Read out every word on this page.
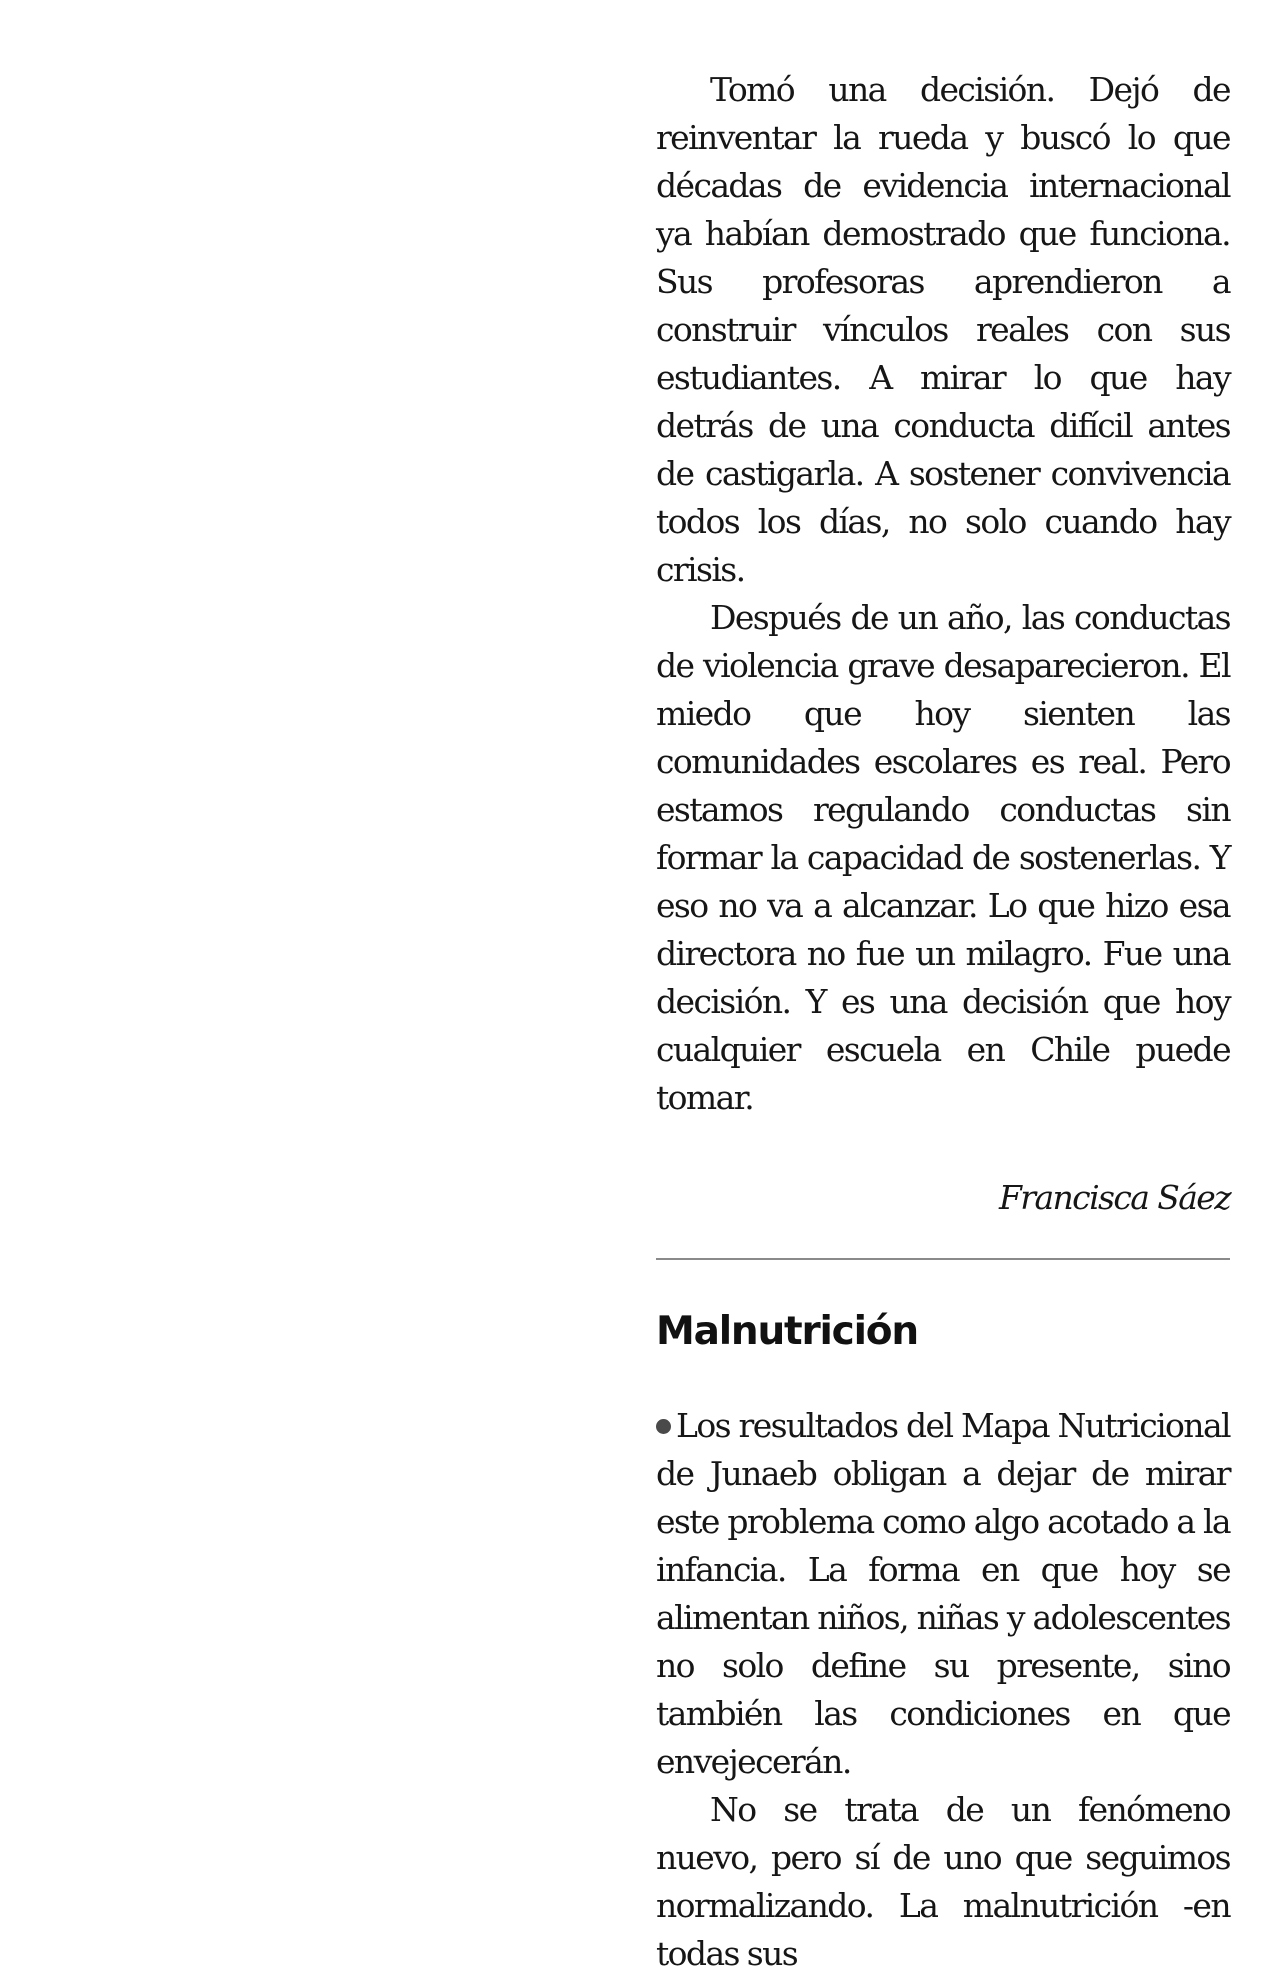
Tomó una decisión. Dejó de reinventar la rueda y buscó lo que décadas de evidencia internacional ya habían demostrado que funciona. Sus profesoras aprendieron a construir vínculos reales con sus estudiantes. A mirar lo que hay detrás de una conducta difícil antes de castigarla. A sostener convivencia todos los días, no solo cuando hay crisis.

Después de un año, las conductas de violencia grave desaparecieron. El miedo que hoy sienten las comunidades escolares es real. Pero estamos regulando conductas sin formar la capacidad de sostenerlas. Y eso no va a alcanzar. Lo que hizo esa directora no fue un milagro. Fue una decisión. Y es una decisión que hoy cualquier escuela en Chile puede tomar.

Francisca Sáez

Malnutrición

Los resultados del Mapa Nutricional de Junaeb obligan a dejar de mirar este problema como algo acotado a la infancia. La forma en que hoy se alimentan niños, niñas y adolescentes no solo define su presente, sino también las condiciones en que envejecerán.

No se trata de un fenómeno nuevo, pero sí de uno que seguimos normalizando. La malnutrición -en todas sus
